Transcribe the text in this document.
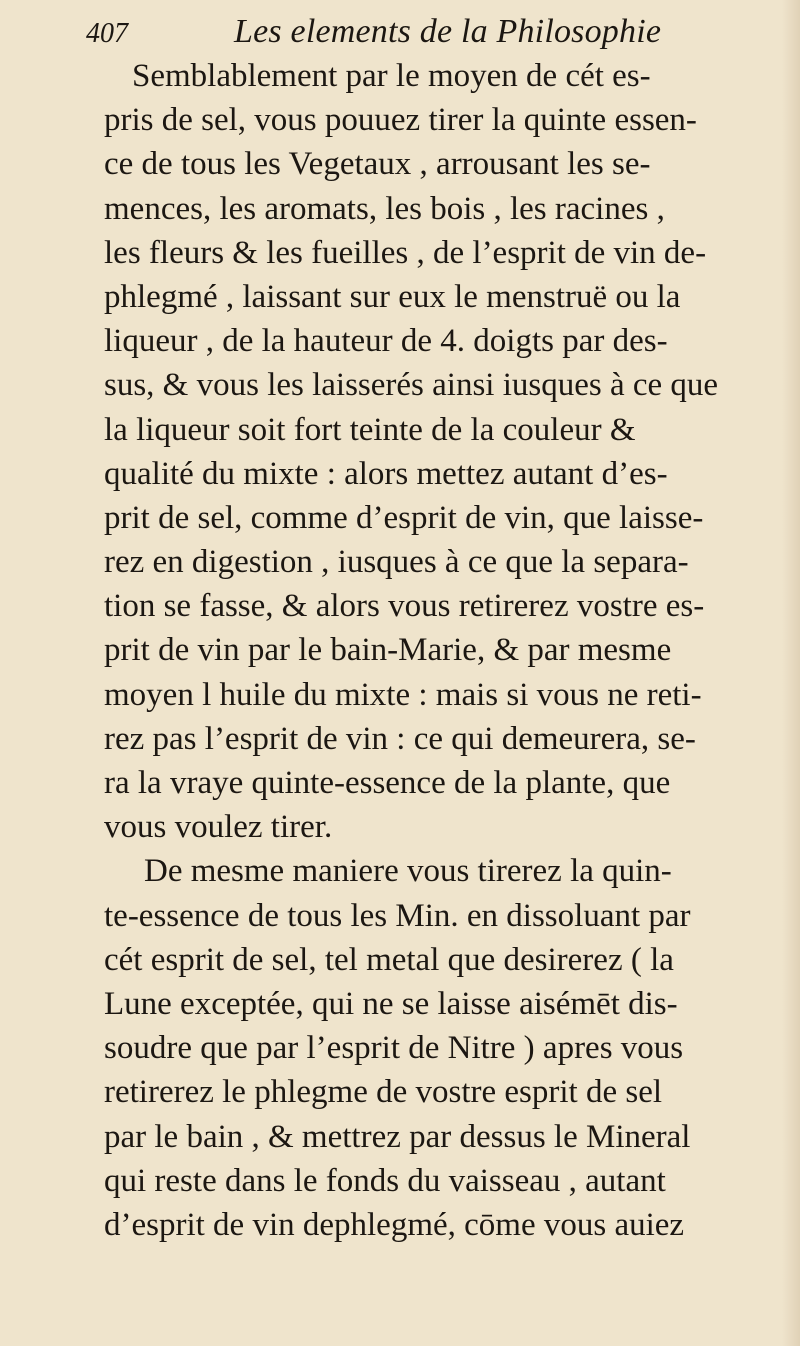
407	Les elements de la Philosophie
Semblablement par le moyen de cét es-
pris de sel, vous pouuez tirer la quinte essen-
ce de tous les Vegetaux , arrousant les se-
mences, les aromats, les bois , les racines ,
les fleurs & les fueilles , de l’esprit de vin de-
phlegmé , laissant sur eux le menstruë ou la
liqueur , de la hauteur de 4. doigts par des-
sus, & vous les laisserés ainsi iusques à ce que
la liqueur soit fort teinte de la couleur &
qualité du mixte : alors mettez autant d’es-
prit de sel, comme d’esprit de vin, que laisse-
rez en digestion , iusques à ce que la separa-
tion se fasse, & alors vous retirerez vostre es-
prit de vin par le bain-Marie, & par mesme
moyen l huile du mixte : mais si vous ne reti-
rez pas l’esprit de vin : ce qui demeurera, se-
ra la vraye quinte-essence de la plante, que
vous voulez tirer.
De mesme maniere vous tirerez la quin-
te-essence de tous les Min. en dissoluant par
cét esprit de sel, tel metal que desirerez ( la
Lune exceptée, qui ne se laisse aisémēt dis-
soudre que par l’esprit de Nitre ) apres vous
retirerez le phlegme de vostre esprit de sel
par le bain , & mettrez par dessus le Mineral
qui reste dans le fonds du vaisseau , autant
d’esprit de vin dephlegmé, cōme vous auiez
